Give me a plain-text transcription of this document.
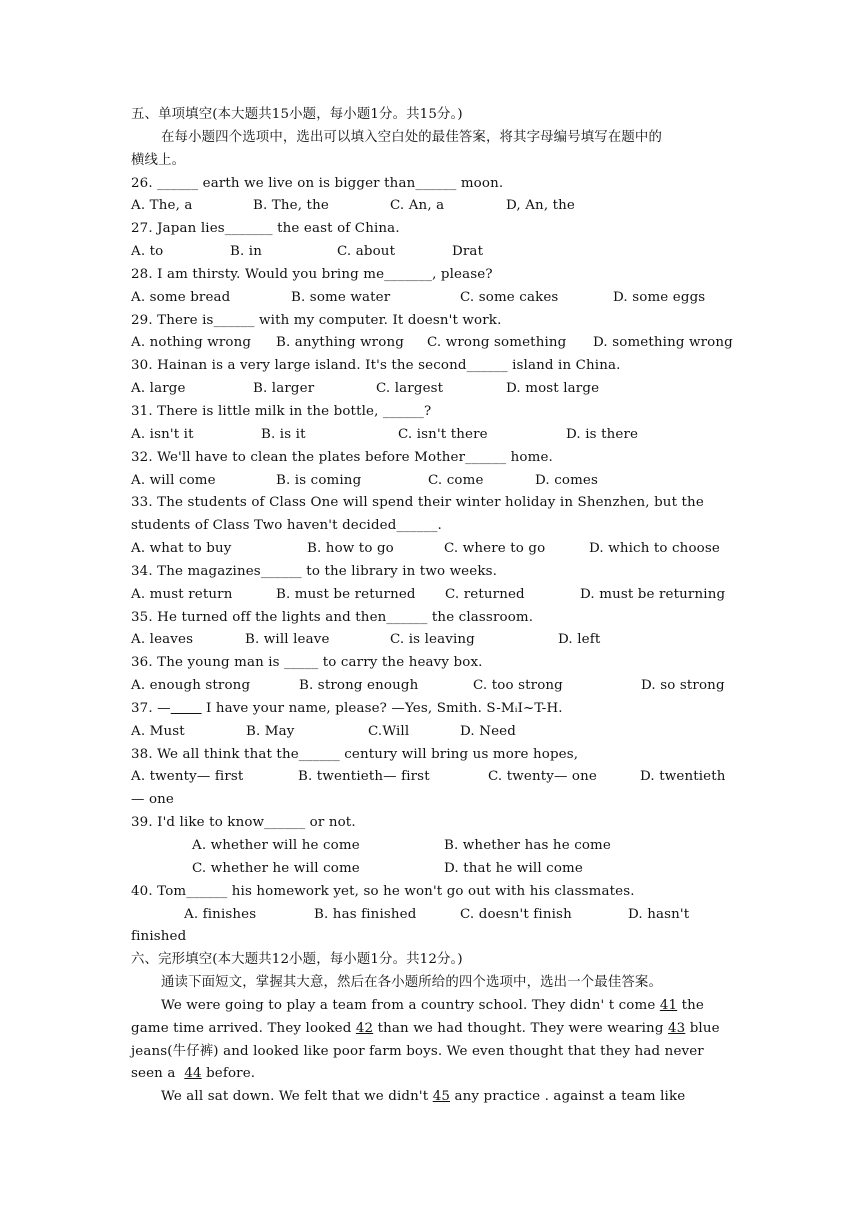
五、单项填空(本大题共15小题，每小题1分。共15分。)
在每小题四个选项中，选出可以填入空白处的最佳答案，将其字母编号填写在题中的
横线上。
26. ______ earth we live on is bigger than______ moon.
A. The, a	B. The, the	C. An, a	D, An, the
27. Japan lies_______ the east of China.
A. to	B. in	C. about	Drat
28. I am thirsty. Would you bring me_______, please?
A. some bread	B. some water	C. some cakes	D. some eggs
29. There is______ with my computer. It doesn't work.
A. nothing wrong	B. anything wrong	C. wrong something	D. something wrong
30. Hainan is a very large island. It's the second______ island in China.
A. large	B. larger	C. largest	D. most large
31. There is little milk in the bottle, ______?
A. isn't it	B. is it	C. isn't there	D. is there
32. We'll have to clean the plates before Mother______ home.
A. will come	B. is coming	C. come	D. comes
33. The students of Class One will spend their winter holiday in Shenzhen, but the
students of Class Two haven't decided______.
A. what to buy	B. how to go	C. where to go	D. which to choose
34. The magazines______ to the library in two weeks.
A. must return	B. must be returned	C. returned	D. must be returning
35. He turned off the lights and then______ the classroom.
A. leaves	B. will leave	C. is leaving	D. left
36. The young man is _____ to carry the heavy box.
A. enough strong	B. strong enough	C. too strong	D. so strong
37. —        I have your name, please? —Yes, Smith. S-MᵢI~T-H.
A. Must	B. May	C.Will	D. Need
38. We all think that the______ century will bring us more hopes,
A. twenty— first	B. twentieth— first	C. twenty— one	D. twentieth
— one
39. I'd like to know______ or not.
A. whether will he come	B. whether has he come
C. whether he will come	D. that he will come
40. Tom______ his homework yet, so he won't go out with his classmates.
A. finishes	B. has finished	C. doesn't finish	D. hasn't
finished
六、完形填空(本大题共12小题，每小题1分。共12分。)
通读下面短文，掌握其大意，然后在各小题所给的四个选项中，选出一个最佳答案。
We were going to play a team from a country school. They didn' t come 41 the
game time arrived. They looked 42 than we had thought. They were wearing 43 blue
jeans(牛仔裤) and looked like poor farm boys. We even thought that they had never
seen a  44 before.
We all sat down. We felt that we didn't 45 any practice . against a team like
